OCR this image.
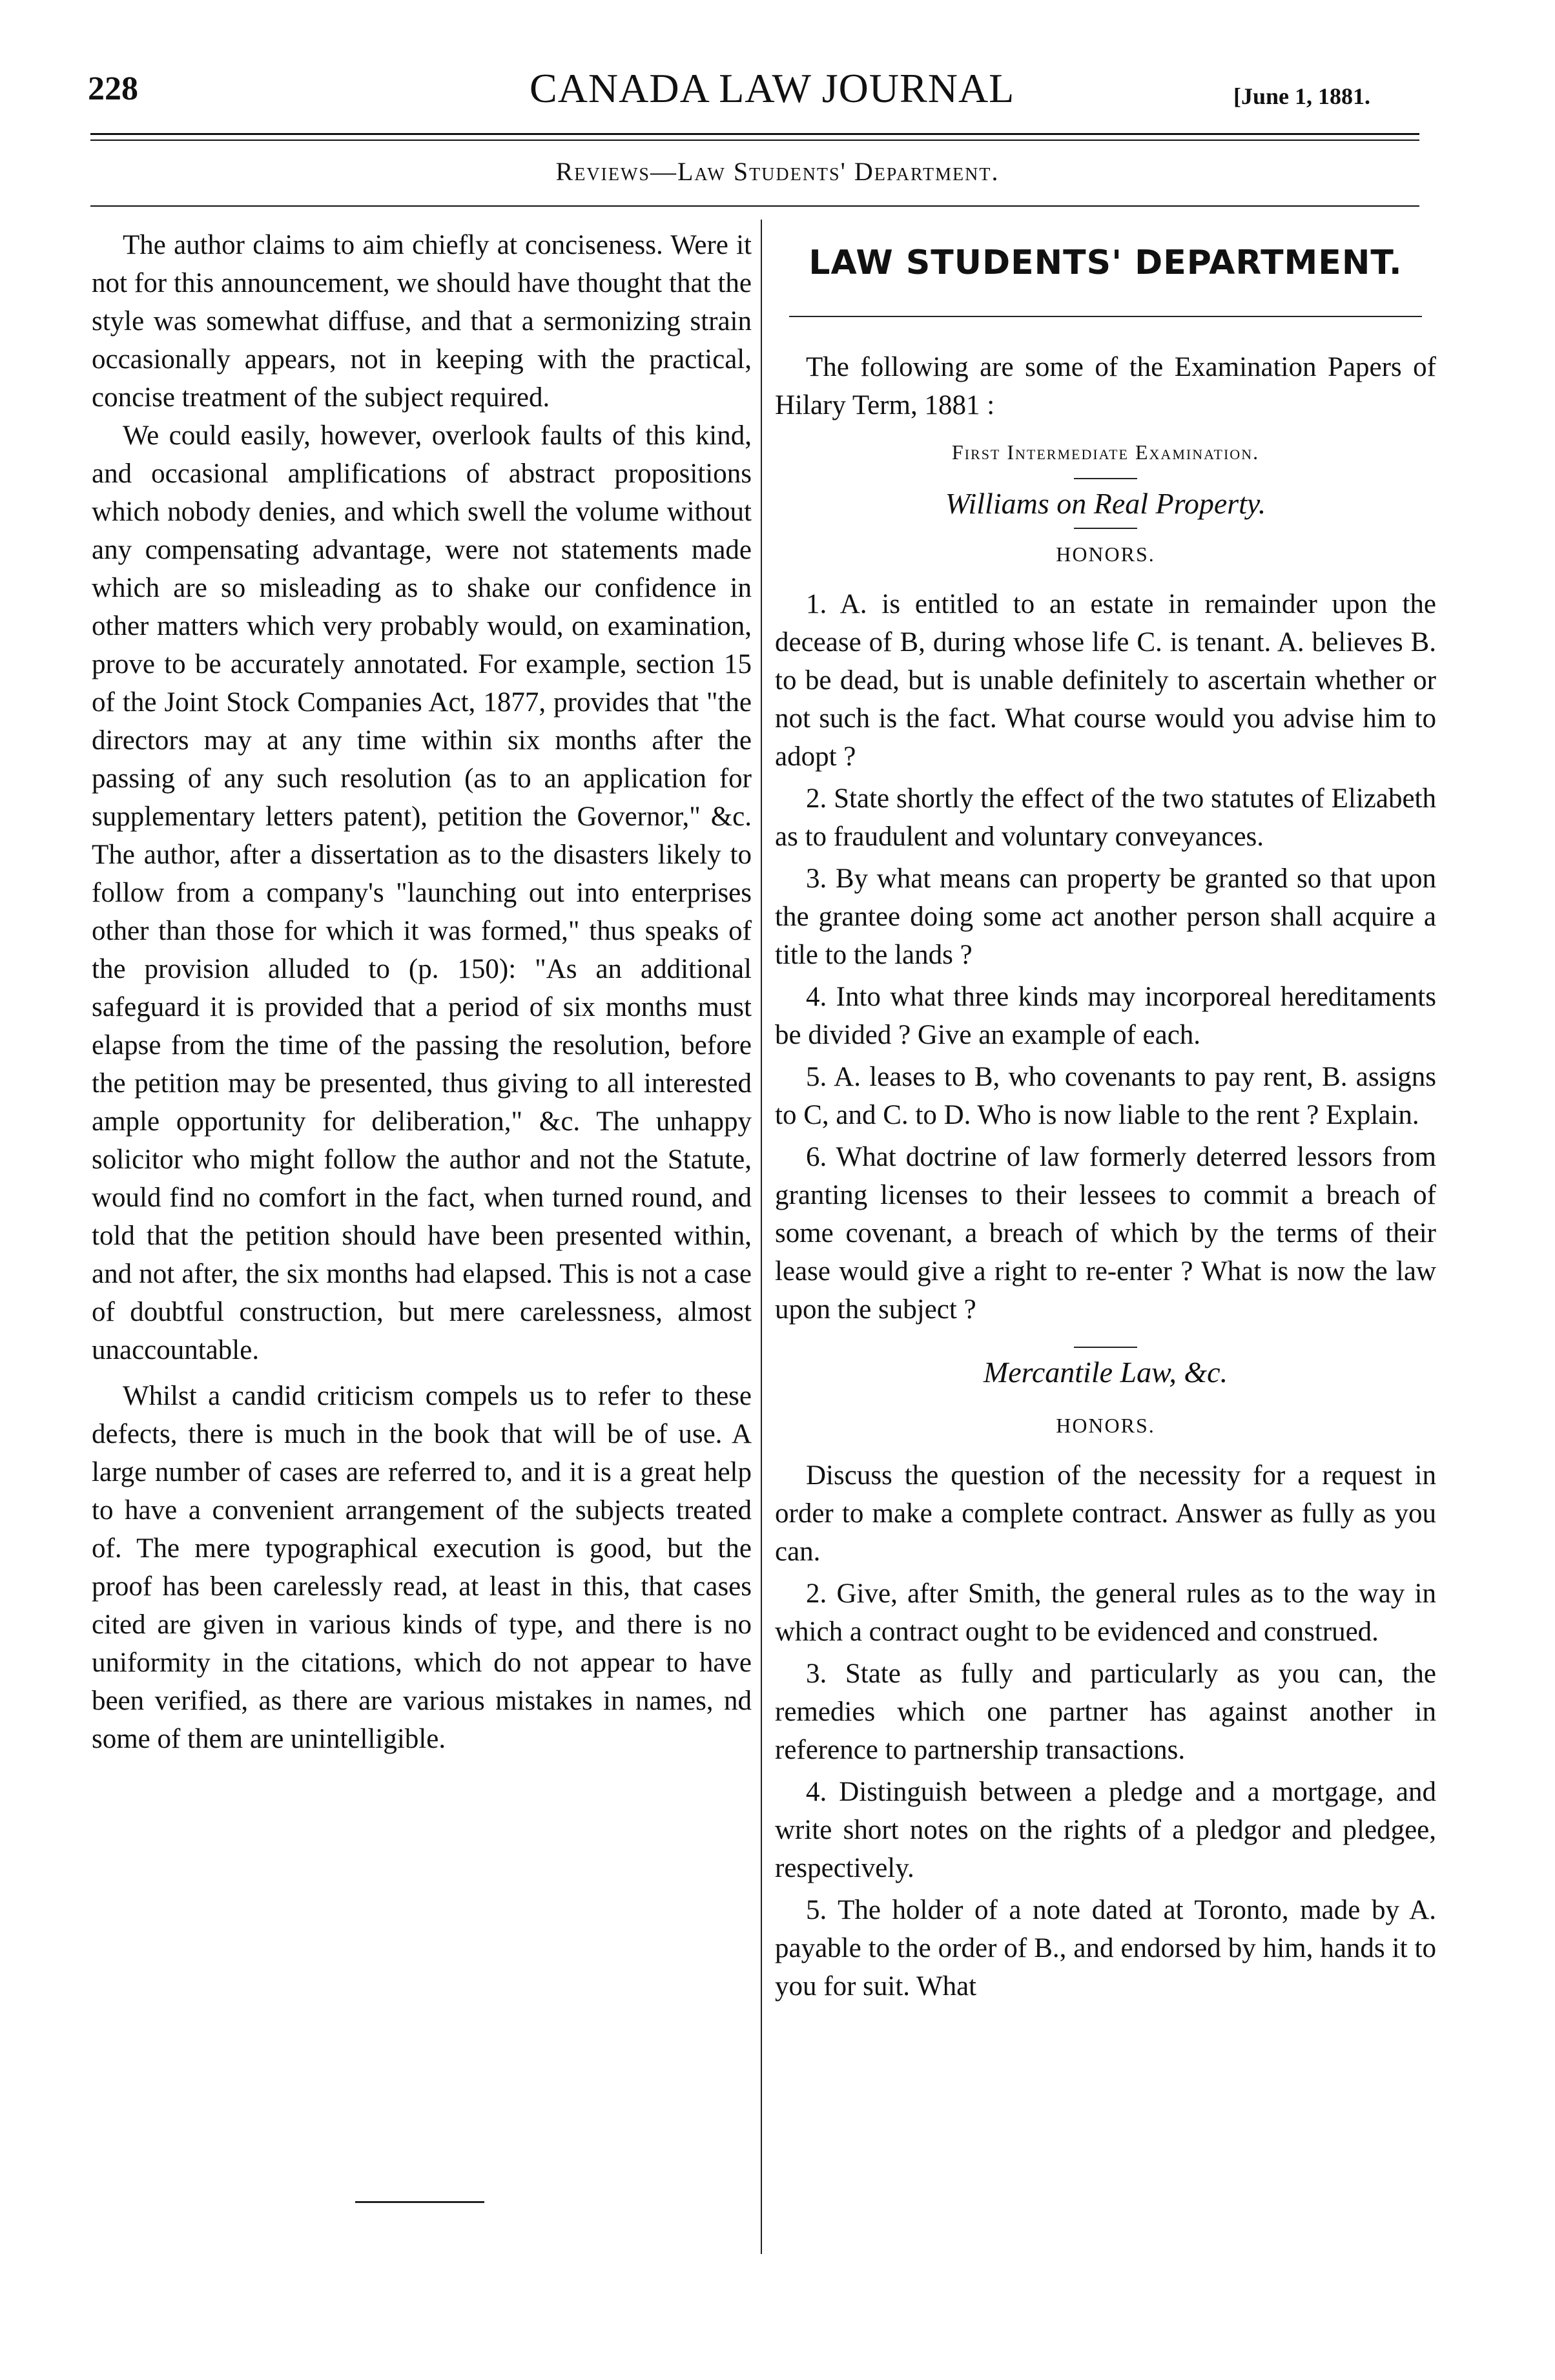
228	CANADA LAW JOURNAL	[June 1, 1881.
Reviews—Law Students' Department.

The author claims to aim chiefly at conciseness. Were it not for this announcement, we should have thought that the style was somewhat diffuse, and that a sermonizing strain occasionally appears, not in keeping with the practical, concise treatment of the subject required.

We could easily, however, overlook faults of this kind, and occasional amplifications of abstract propositions which nobody denies, and which swell the volume without any compensating advantage, were not statements made which are so misleading as to shake our confidence in other matters which very probably would, on examination, prove to be accurately annotated. For example, section 15 of the Joint Stock Companies Act, 1877, provides that "the directors may at any time within six months after the passing of any such resolution (as to an application for supplementary letters patent), petition the Governor," &c. The author, after a dissertation as to the disasters likely to follow from a company's "launching out into enterprises other than those for which it was formed," thus speaks of the provision alluded to (p. 150): "As an additional safeguard it is provided that a period of six months must elapse from the time of the passing the resolution, before the petition may be presented, thus giving to all interested ample opportunity for deliberation," &c. The unhappy solicitor who might follow the author and not the Statute, would find no comfort in the fact, when turned round, and told that the petition should have been presented within, and not after, the six months had elapsed. This is not a case of doubtful construction, but mere carelessness, almost unaccountable.

Whilst a candid criticism compels us to refer to these defects, there is much in the book that will be of use. A large number of cases are referred to, and it is a great help to have a convenient arrangement of the subjects treated of. The mere typographical execution is good, but the proof has been carelessly read, at least in this, that cases cited are given in various kinds of type, and there is no uniformity in the citations, which do not appear to have been verified, as there are various mistakes in names, nd some of them are unintelligible.

LAW STUDENTS' DEPARTMENT.

The following are some of the Examination Papers of Hilary Term, 1881 :

First Intermediate Examination.
Williams on Real Property.
HONORS.

1. A. is entitled to an estate in remainder upon the decease of B, during whose life C. is tenant. A. believes B. to be dead, but is unable definitely to ascertain whether or not such is the fact. What course would you advise him to adopt ?

2. State shortly the effect of the two statutes of Elizabeth as to fraudulent and voluntary conveyances.

3. By what means can property be granted so that upon the grantee doing some act another person shall acquire a title to the lands ?

4. Into what three kinds may incorporeal hereditaments be divided ? Give an example of each.

5. A. leases to B, who covenants to pay rent, B. assigns to C, and C. to D. Who is now liable to the rent ? Explain.

6. What doctrine of law formerly deterred lessors from granting licenses to their lessees to commit a breach of some covenant, a breach of which by the terms of their lease would give a right to re-enter ? What is now the law upon the subject ?

Mercantile Law, &c.
HONORS.

Discuss the question of the necessity for a request in order to make a complete contract. Answer as fully as you can.

2. Give, after Smith, the general rules as to the way in which a contract ought to be evidenced and construed.

3. State as fully and particularly as you can, the remedies which one partner has against another in reference to partnership transactions.

4. Distinguish between a pledge and a mortgage, and write short notes on the rights of a pledgor and pledgee, respectively.

5. The holder of a note dated at Toronto, made by A. payable to the order of B., and endorsed by him, hands it to you for suit. What
